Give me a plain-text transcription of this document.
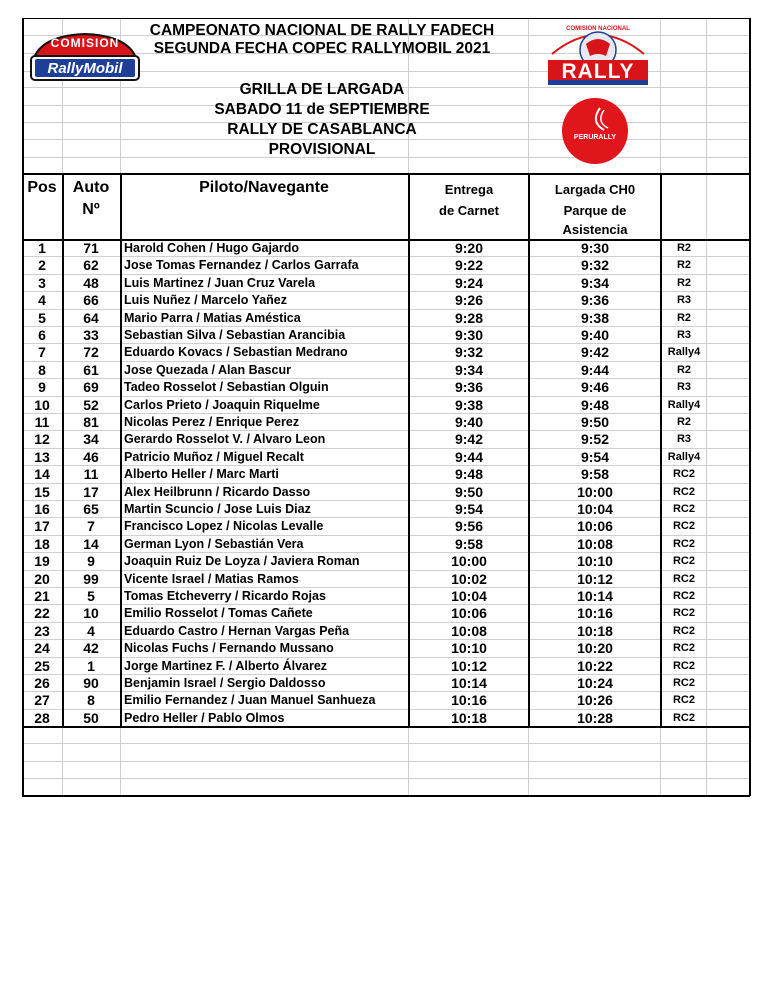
CAMPEONATO NACIONAL DE RALLY FADECH
SEGUNDA FECHA COPEC RALLYMOBIL 2021
GRILLA DE LARGADA
SABADO 11 de SEPTIEMBRE
RALLY DE CASABLANCA
PROVISIONAL
COMISION
RallyMobil
COMISION NACIONAL
RALLY
PERURALLY
Pos	Auto
Nº
Piloto/Navegante	Entrega
de Carnet
Largada CH0
Parque de
Asistencia
1	71	Harold Cohen / Hugo Gajardo	9:20	9:30	R2
2	62	Jose Tomas Fernandez / Carlos Garrafa	9:22	9:32	R2
3	48	Luis Martinez / Juan Cruz Varela	9:24	9:34	R2
4	66	Luis Nuñez / Marcelo Yañez	9:26	9:36	R3
5	64	Mario Parra / Matias Améstica	9:28	9:38	R2
6	33	Sebastian Silva / Sebastian Arancibia	9:30	9:40	R3
7	72	Eduardo Kovacs / Sebastian Medrano	9:32	9:42	Rally4
8	61	Jose Quezada / Alan Bascur	9:34	9:44	R2
9	69	Tadeo Rosselot / Sebastian Olguin	9:36	9:46	R3
10	52	Carlos Prieto / Joaquin Riquelme	9:38	9:48	Rally4
11	81	Nicolas Perez / Enrique Perez	9:40	9:50	R2
12	34	Gerardo Rosselot V. / Alvaro Leon	9:42	9:52	R3
13	46	Patricio Muñoz / Miguel Recalt	9:44	9:54	Rally4
14	11	Alberto Heller / Marc Marti	9:48	9:58	RC2
15	17	Alex Heilbrunn / Ricardo Dasso	9:50	10:00	RC2
16	65	Martin Scuncio / Jose Luis Diaz	9:54	10:04	RC2
17	7	Francisco Lopez / Nicolas Levalle	9:56	10:06	RC2
18	14	German Lyon / Sebastián Vera	9:58	10:08	RC2
19	9	Joaquin Ruiz De Loyza / Javiera Roman	10:00	10:10	RC2
20	99	Vicente Israel / Matias Ramos	10:02	10:12	RC2
21	5	Tomas Etcheverry / Ricardo Rojas	10:04	10:14	RC2
22	10	Emilio Rosselot / Tomas Cañete	10:06	10:16	RC2
23	4	Eduardo Castro / Hernan Vargas Peña	10:08	10:18	RC2
24	42	Nicolas Fuchs / Fernando Mussano	10:10	10:20	RC2
25	1	Jorge Martinez F. / Alberto Álvarez	10:12	10:22	RC2
26	90	Benjamin Israel / Sergio Daldosso	10:14	10:24	RC2
27	8	Emilio Fernandez / Juan Manuel Sanhueza	10:16	10:26	RC2
28	50	Pedro Heller / Pablo Olmos	10:18	10:28	RC2
